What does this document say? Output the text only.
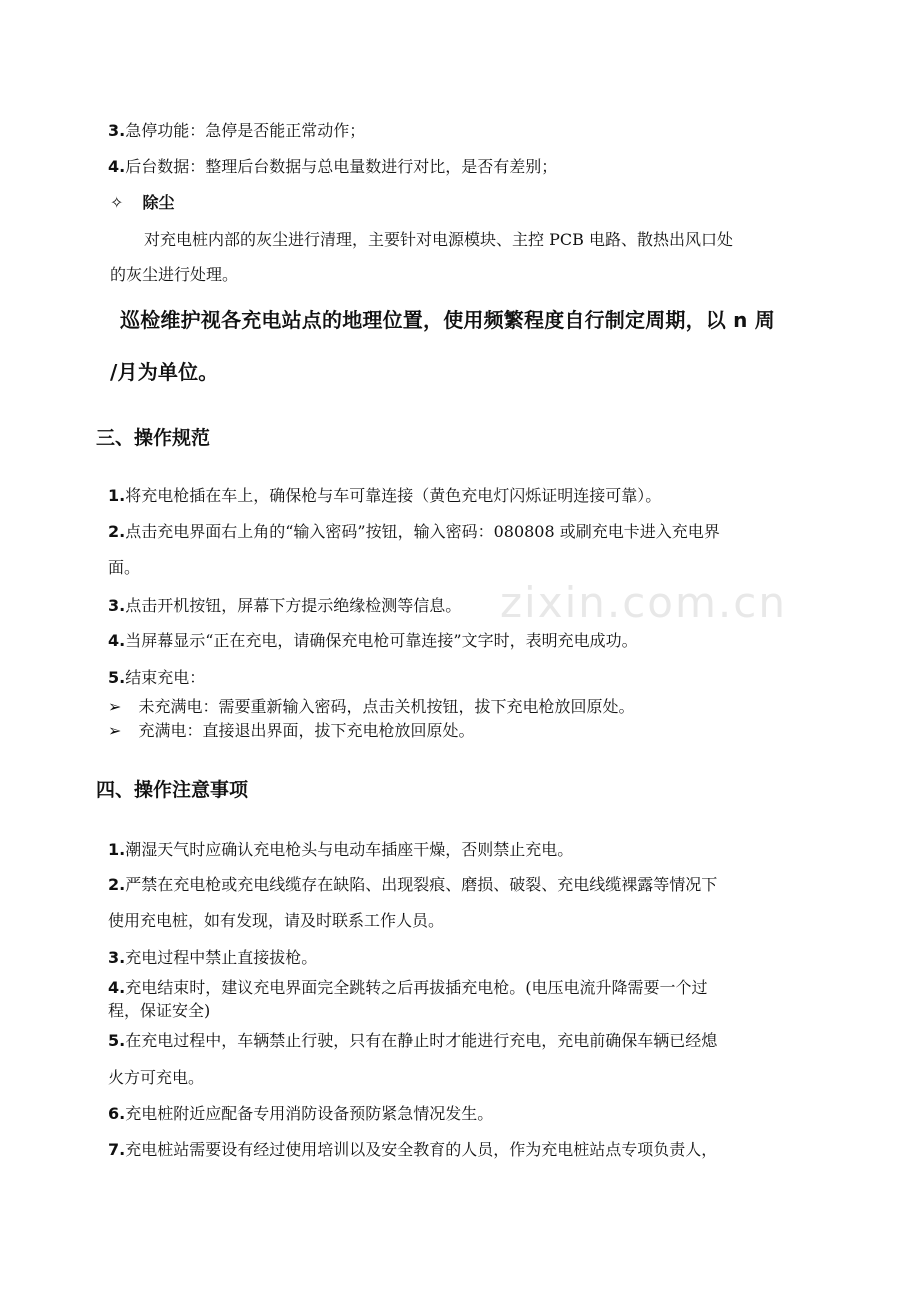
zixin.com.cn
3.急停功能：急停是否能正常动作；
4.后台数据：整理后台数据与总电量数进行对比，是否有差别；
✧ 除尘
对充电桩内部的灰尘进行清理，主要针对电源模块、主控 PCB 电路、散热出风口处
的灰尘进行处理。
巡检维护视各充电站点的地理位置，使用频繁程度自行制定周期，以 n 周
/月为单位。
三、操作规范
1.将充电枪插在车上，确保枪与车可靠连接（黄色充电灯闪烁证明连接可靠）。
2.点击充电界面右上角的“输入密码”按钮，输入密码：080808 或刷充电卡进入充电界
面。
3.点击开机按钮，屏幕下方提示绝缘检测等信息。
4.当屏幕显示“正在充电，请确保充电枪可靠连接”文字时，表明充电成功。
5.结束充电：
➢ 未充满电：需要重新输入密码，点击关机按钮，拔下充电枪放回原处。
➢ 充满电：直接退出界面，拔下充电枪放回原处。
四、操作注意事项
1.潮湿天气时应确认充电枪头与电动车插座干燥，否则禁止充电。
2.严禁在充电枪或充电线缆存在缺陷、出现裂痕、磨损、破裂、充电线缆裸露等情况下
使用充电桩，如有发现，请及时联系工作人员。
3.充电过程中禁止直接拔枪。
4.充电结束时，建议充电界面完全跳转之后再拔插充电枪。(电压电流升降需要一个过
程，保证安全)
5.在充电过程中，车辆禁止行驶，只有在静止时才能进行充电，充电前确保车辆已经熄
火方可充电。
6.充电桩附近应配备专用消防设备预防紧急情况发生。
7.充电桩站需要设有经过使用培训以及安全教育的人员，作为充电桩站点专项负责人，
